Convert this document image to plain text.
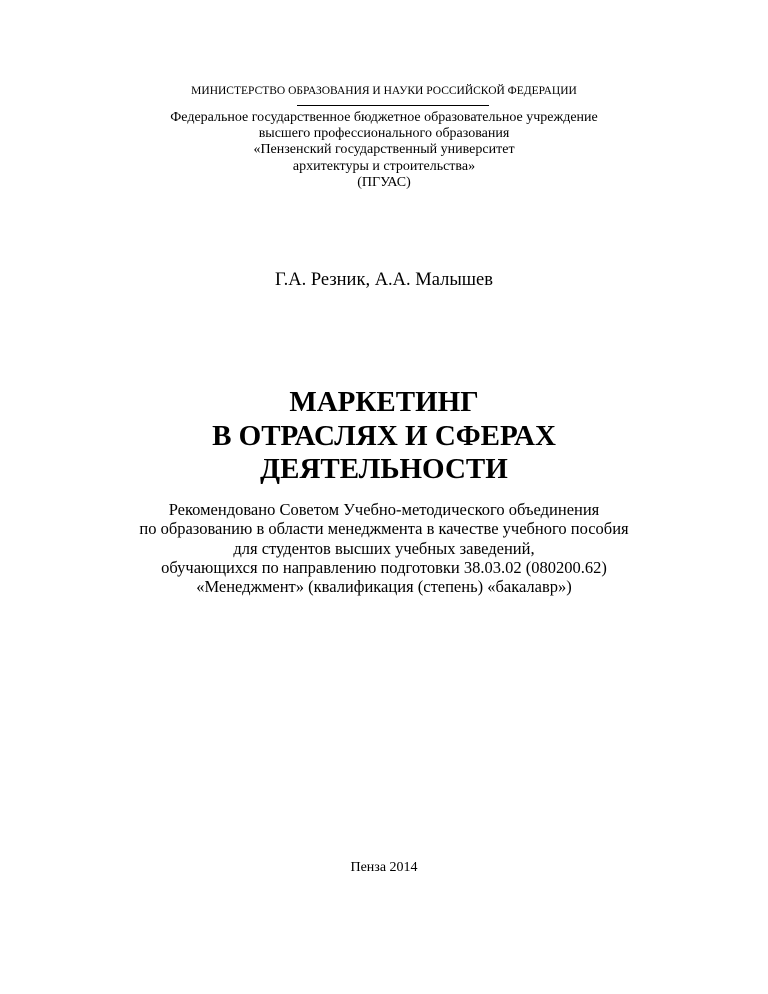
МИНИСТЕРСТВО ОБРАЗОВАНИЯ И НАУКИ РОССИЙСКОЙ ФЕДЕРАЦИИ
Федеральное государственное бюджетное образовательное учреждение
высшего профессионального образования
«Пензенский государственный университет
архитектуры и строительства»
(ПГУАС)
Г.А. Резник, А.А. Малышев
МАРКЕТИНГ
В ОТРАСЛЯХ И СФЕРАХ
ДЕЯТЕЛЬНОСТИ
Рекомендовано Советом Учебно-методического объединения
по образованию в области менеджмента в качестве учебного пособия
для студентов высших учебных заведений,
обучающихся по направлению подготовки 38.03.02 (080200.62)
«Менеджмент» (квалификация (степень) «бакалавр»)
Пенза 2014
